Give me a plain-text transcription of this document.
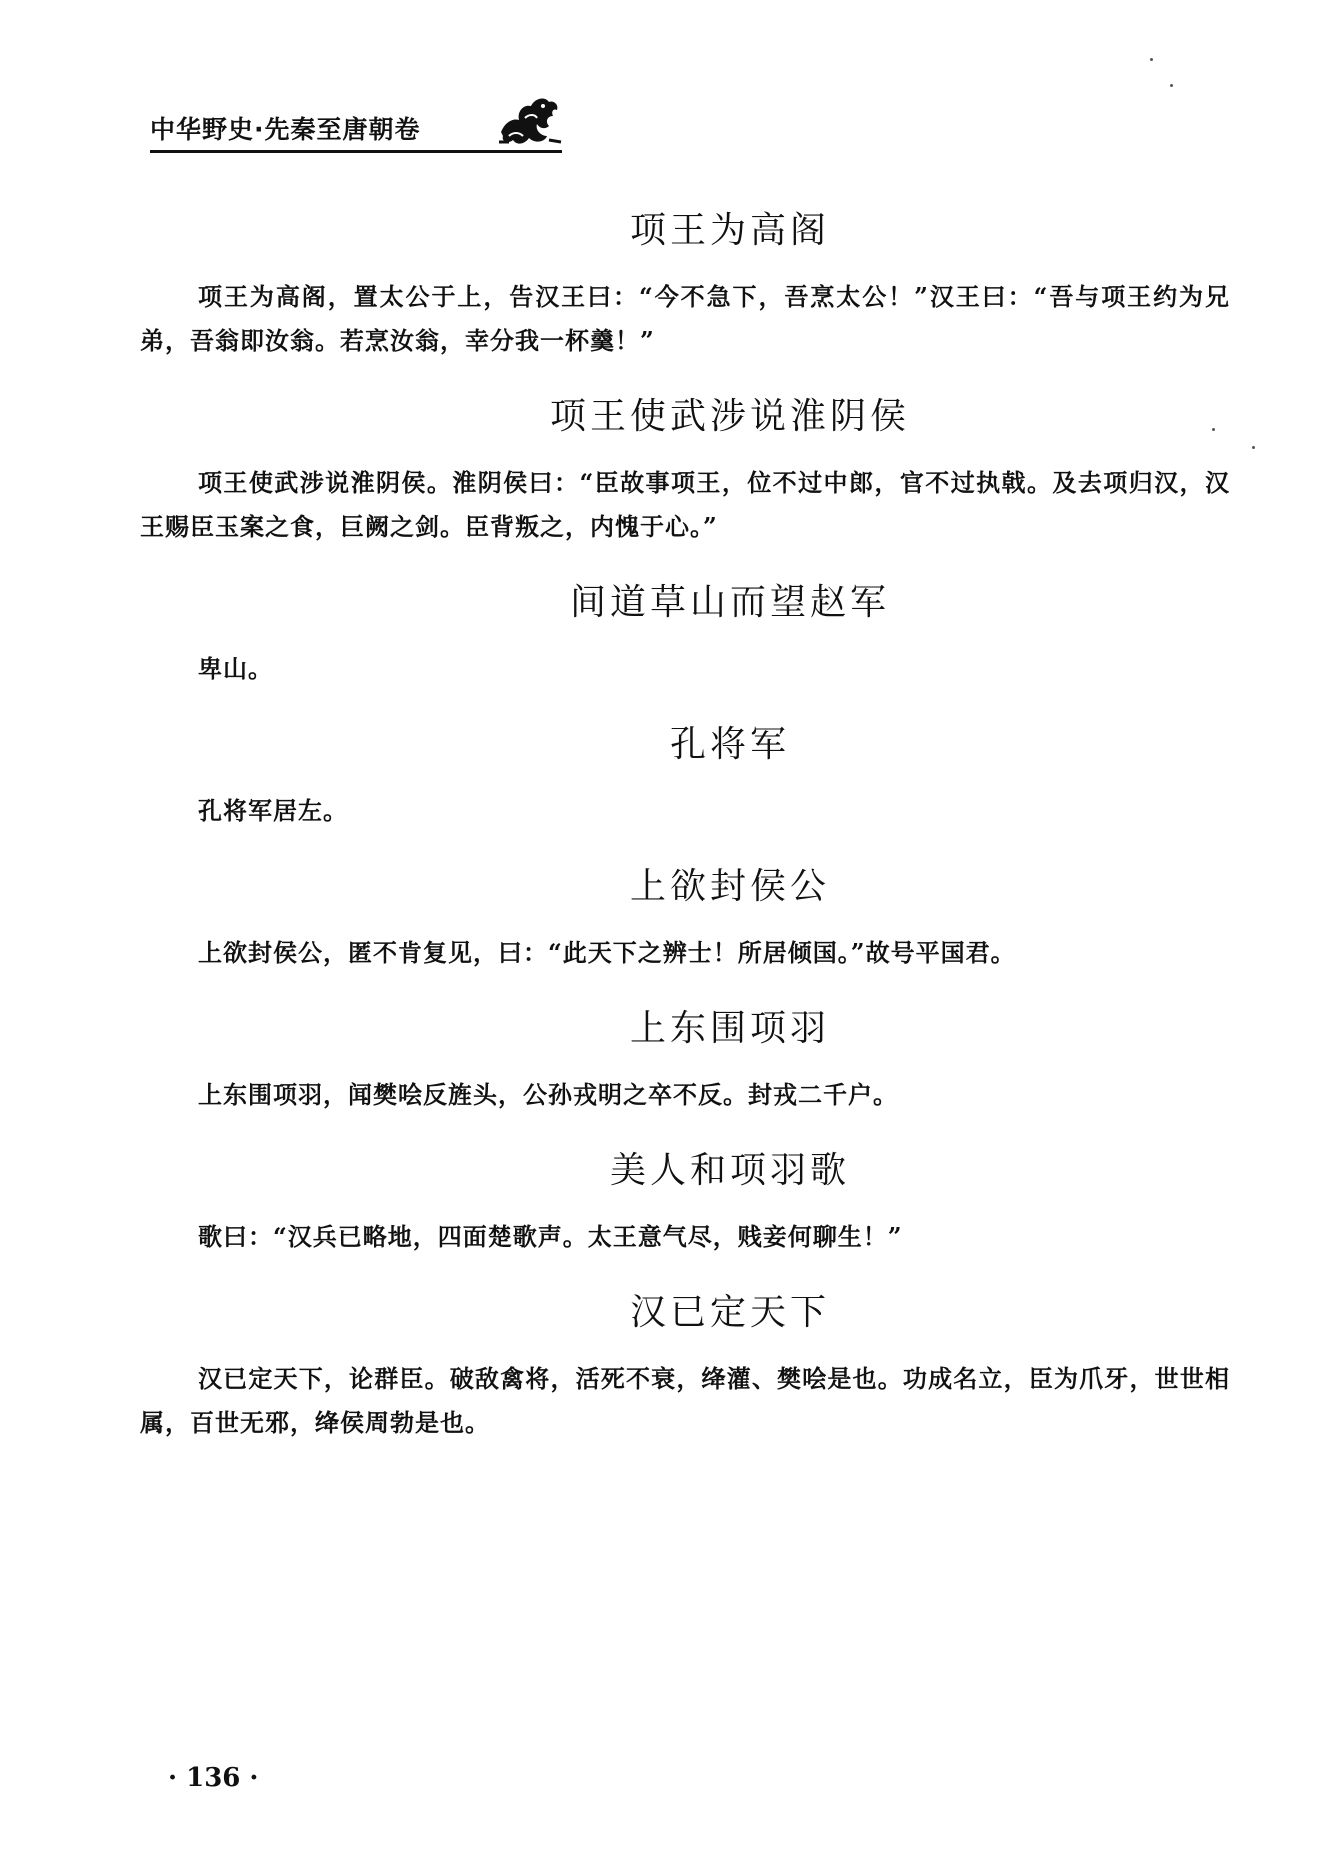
中华野史·先秦至唐朝卷
项王为高阁

项王为高阁，置太公于上，告汉王曰：“今不急下，吾烹太公！”汉王曰：“吾与项王约为兄弟，吾翁即汝翁。若烹汝翁，幸分我一杯羹！”

项王使武涉说淮阴侯

项王使武涉说淮阴侯。淮阴侯曰：“臣故事项王，位不过中郎，官不过执戟。及去项归汉，汉王赐臣玉案之食，巨阙之剑。臣背叛之，内愧于心。”

间道草山而望赵军

卑山。

孔将军

孔将军居左。

上欲封侯公

上欲封侯公，匿不肯复见，曰：“此天下之辨士！所居倾国。”故号平国君。

上东围项羽

上东围项羽，闻樊哙反旌头，公孙戎明之卒不反。封戎二千户。

美人和项羽歌

歌曰：“汉兵已略地，四面楚歌声。太王意气尽，贱妾何聊生！”

汉已定天下

汉已定天下，论群臣。破敌禽将，活死不衰，绛灌、樊哙是也。功成名立，臣为爪牙，世世相属，百世无邪，绛侯周勃是也。

· 136 ·
